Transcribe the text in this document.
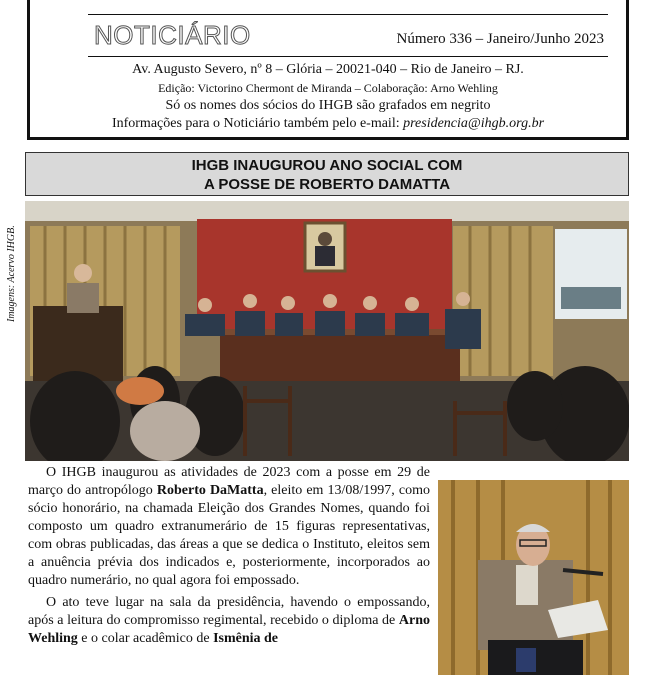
NOTICIÁRIO	Número 336 – Janeiro/Junho 2023
Av. Augusto Severo, nº 8 – Glória – 20021-040 – Rio de Janeiro – RJ.
Edição: Victorino Chermont de Miranda – Colaboração: Arno Wehling
Só os nomes dos sócios do IHGB são grafados em negrito
Informações para o Noticiário também pelo e-mail: presidencia@ihgb.org.br
IHGB INAUGUROU ANO SOCIAL COM
A POSSE DE ROBERTO DAMATTA
Imagens: Acervo IHGB.

O IHGB inaugurou as atividades de 2023 com a posse em 29 de março do antropólogo Roberto DaMatta, eleito em 13/08/1997, como sócio honorário, na chamada Eleição dos Grandes Nomes, quando foi composto um quadro extranumerário de 15 figuras representativas, com obras publicadas, das áreas a que se dedica o Instituto, eleitos sem a anuência prévia dos indicados e, posteriormente, incorporados ao quadro numerário, no qual agora foi empossado.

O ato teve lugar na sala da presidência, havendo o empossando, após a leitura do compromisso regimental, recebido o diploma de Arno Wehling e o colar acadêmico de Ismênia de
